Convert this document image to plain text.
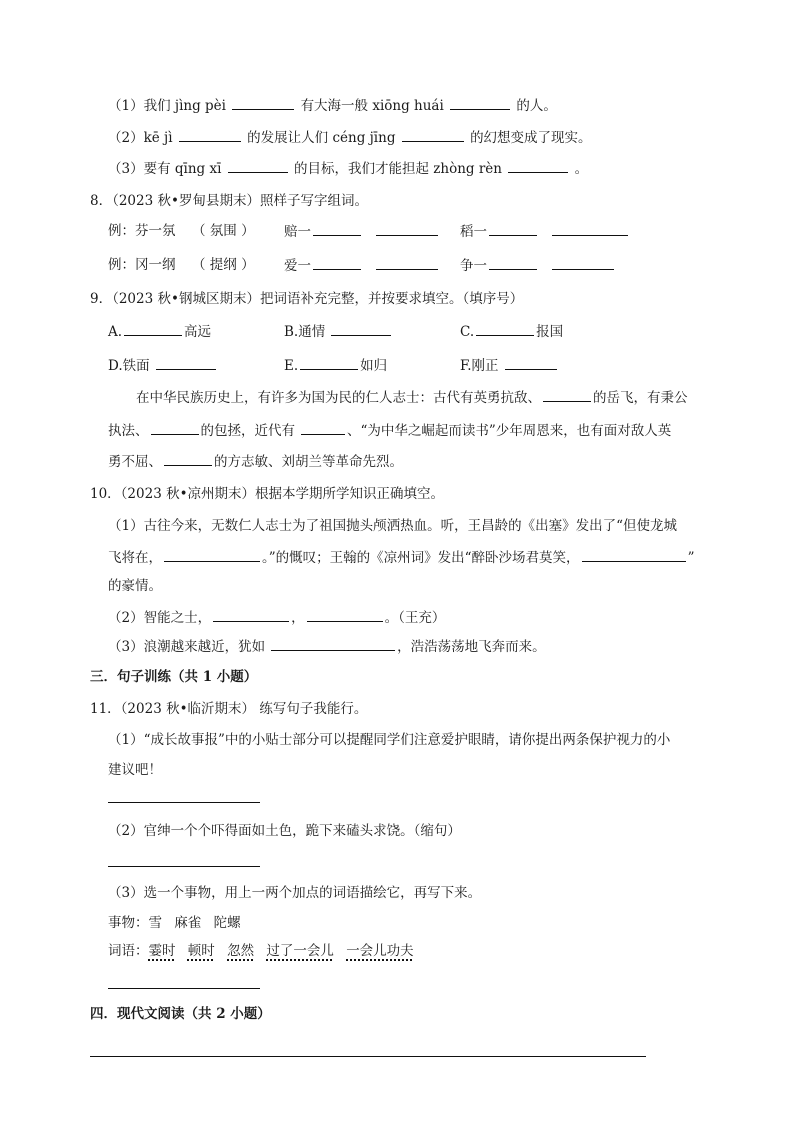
（1）我们 jìng pèi	有大海一般 xiōng huái	的人。
（2）kē jì	的发展让人们 céng jīng	的幻想变成了现实。
（3）要有 qīng xī	的目标，我们才能担起 zhòng rèn	。
8．（2023 秋•罗甸县期末）照样子写字组词。
例：芬一氛 （ 氛围 ） 赔一	稻一
例：冈一纲 （ 提纲 ） 爱一	争一
9．（2023 秋•钢城区期末）把词语补充完整，并按要求填空。（填序号）
A.	高远	B.通情	C.	报国
D.铁面	E.	如归	F.刚正
在中华民族历史上，有许多为国为民的仁人志士：古代有英勇抗敌、	的岳飞，有秉公
执法、	的包拯，近代有	、“为中华之崛起而读书”少年周恩来，也有面对敌人英
勇不屈、	的方志敏、刘胡兰等革命先烈。
10．（2023 秋•凉州期末）根据本学期所学知识正确填空。
（1）古往今来，无数仁人志士为了祖国抛头颅洒热血。听，王昌龄的《出塞》发出了“但使龙城
飞将在，	。”的慨叹；王翰的《凉州词》发出“醉卧沙场君莫笑，	”
的豪情。
（2）智能之士，	，	。（王充）
（3）浪潮越来越近，犹如	，浩浩荡荡地飞奔而来。
三．句子训练（共 1 小题）
11．（2023 秋•临沂期末） 练写句子我能行。
（1）“成长故事报”中的小贴士部分可以提醒同学们注意爱护眼睛，请你提出两条保护视力的小
建议吧！
（2）官绅一个个吓得面如土色，跪下来磕头求饶。（缩句）
（3）选一个事物，用上一两个加点的词语描绘它，再写下来。
事物：雪 麻雀 陀螺
词语：霎时 顿时 忽然 过了一会儿 一会儿功夫
四．现代文阅读（共 2 小题）
